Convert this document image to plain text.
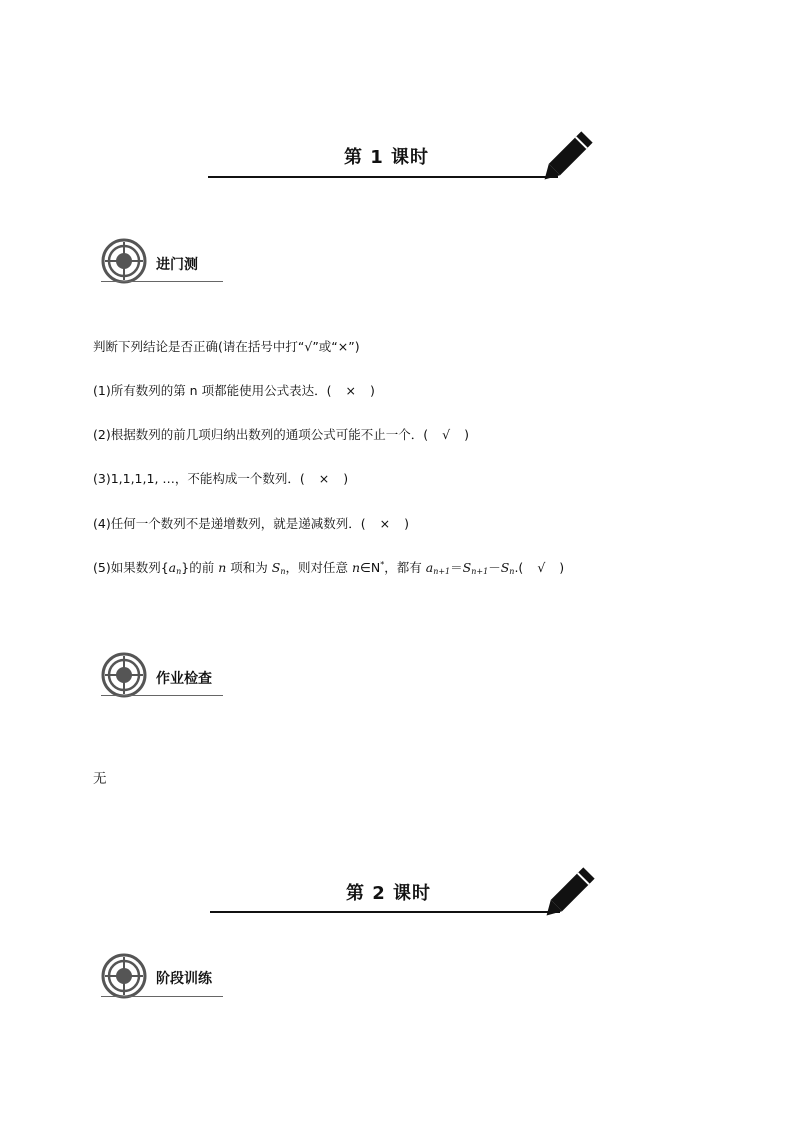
第 1 课时
进门测
判断下列结论是否正确(请在括号中打“√”或“×”)
(1)所有数列的第 n 项都能使用公式表达．( × )
(2)根据数列的前几项归纳出数列的通项公式可能不止一个．( √ )
(3)1,1,1,1, …，不能构成一个数列．( × )
(4)任何一个数列不是递增数列，就是递减数列．( × )
(5)如果数列$\{a_n\}$的前 n 项和为 $S_n$，则对任意 n∈N*，都有 $a_{n+1}=S_{n+1}-S_n$.( √ )
作业检查
无
第 2 课时
阶段训练
